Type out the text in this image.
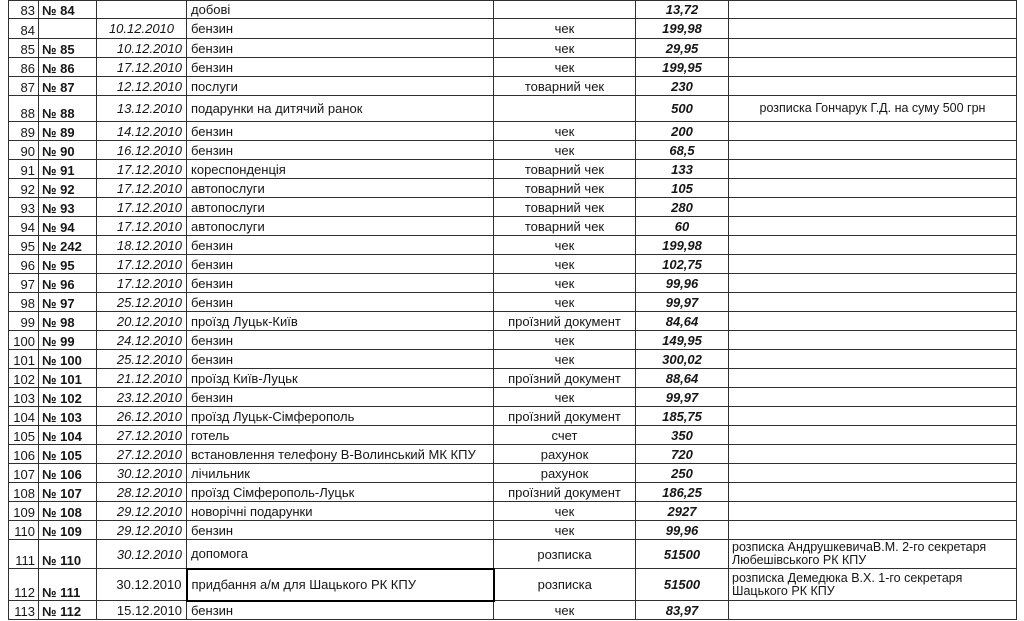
83	№ 84		добові		13,72	
84		10.12.2010	бензин	чек	199,98	
85	№ 85	10.12.2010	бензин	чек	29,95	
86	№ 86	17.12.2010	бензин	чек	199,95	
87	№ 87	12.12.2010	послуги	товарний чек	230	
88	№ 88	13.12.2010	подарунки на дитячий ранок		500	розписка Гончарук Г.Д. на суму 500 грн
89	№ 89	14.12.2010	бензин	чек	200	
90	№ 90	16.12.2010	бензин	чек	68,5	
91	№ 91	17.12.2010	кореспонденція	товарний чек	133	
92	№ 92	17.12.2010	автопослуги	товарний чек	105	
93	№ 93	17.12.2010	автопослуги	товарний чек	280	
94	№ 94	17.12.2010	автопослуги	товарний чек	60	
95	№ 242	18.12.2010	бензин	чек	199,98	
96	№ 95	17.12.2010	бензин	чек	102,75	
97	№ 96	17.12.2010	бензин	чек	99,96	
98	№ 97	25.12.2010	бензин	чек	99,97	
99	№ 98	20.12.2010	проїзд Луцьк-Київ	проїзний документ	84,64	
100	№ 99	24.12.2010	бензин	чек	149,95	
101	№ 100	25.12.2010	бензин	чек	300,02	
102	№ 101	21.12.2010	проїзд Київ-Луцьк	проїзний документ	88,64	
103	№ 102	23.12.2010	бензин	чек	99,97	
104	№ 103	26.12.2010	проїзд Луцьк-Сімферополь	проїзний документ	185,75	
105	№ 104	27.12.2010	готель	счет	350	
106	№ 105	27.12.2010	встановлення телефону В-Волинський МК КПУ	рахунок	720	
107	№ 106	30.12.2010	лічильник	рахунок	250	
108	№ 107	28.12.2010	проїзд Сімферополь-Луцьк	проїзний документ	186,25	
109	№ 108	29.12.2010	новорічні подарунки	чек	2927	
110	№ 109	29.12.2010	бензин	чек	99,96	
111	№ 110	30.12.2010	допомога	розписка	51500	розписка АндрушкевичаВ.М. 2-го секретаря Любешівського РК КПУ
112	№ 111	30.12.2010	придбання а/м для Шацького РК КПУ	розписка	51500	розписка Демедюка В.Х. 1-го секретаря Шацького РК КПУ
113	№ 112	15.12.2010	бензин	чек	83,97	
